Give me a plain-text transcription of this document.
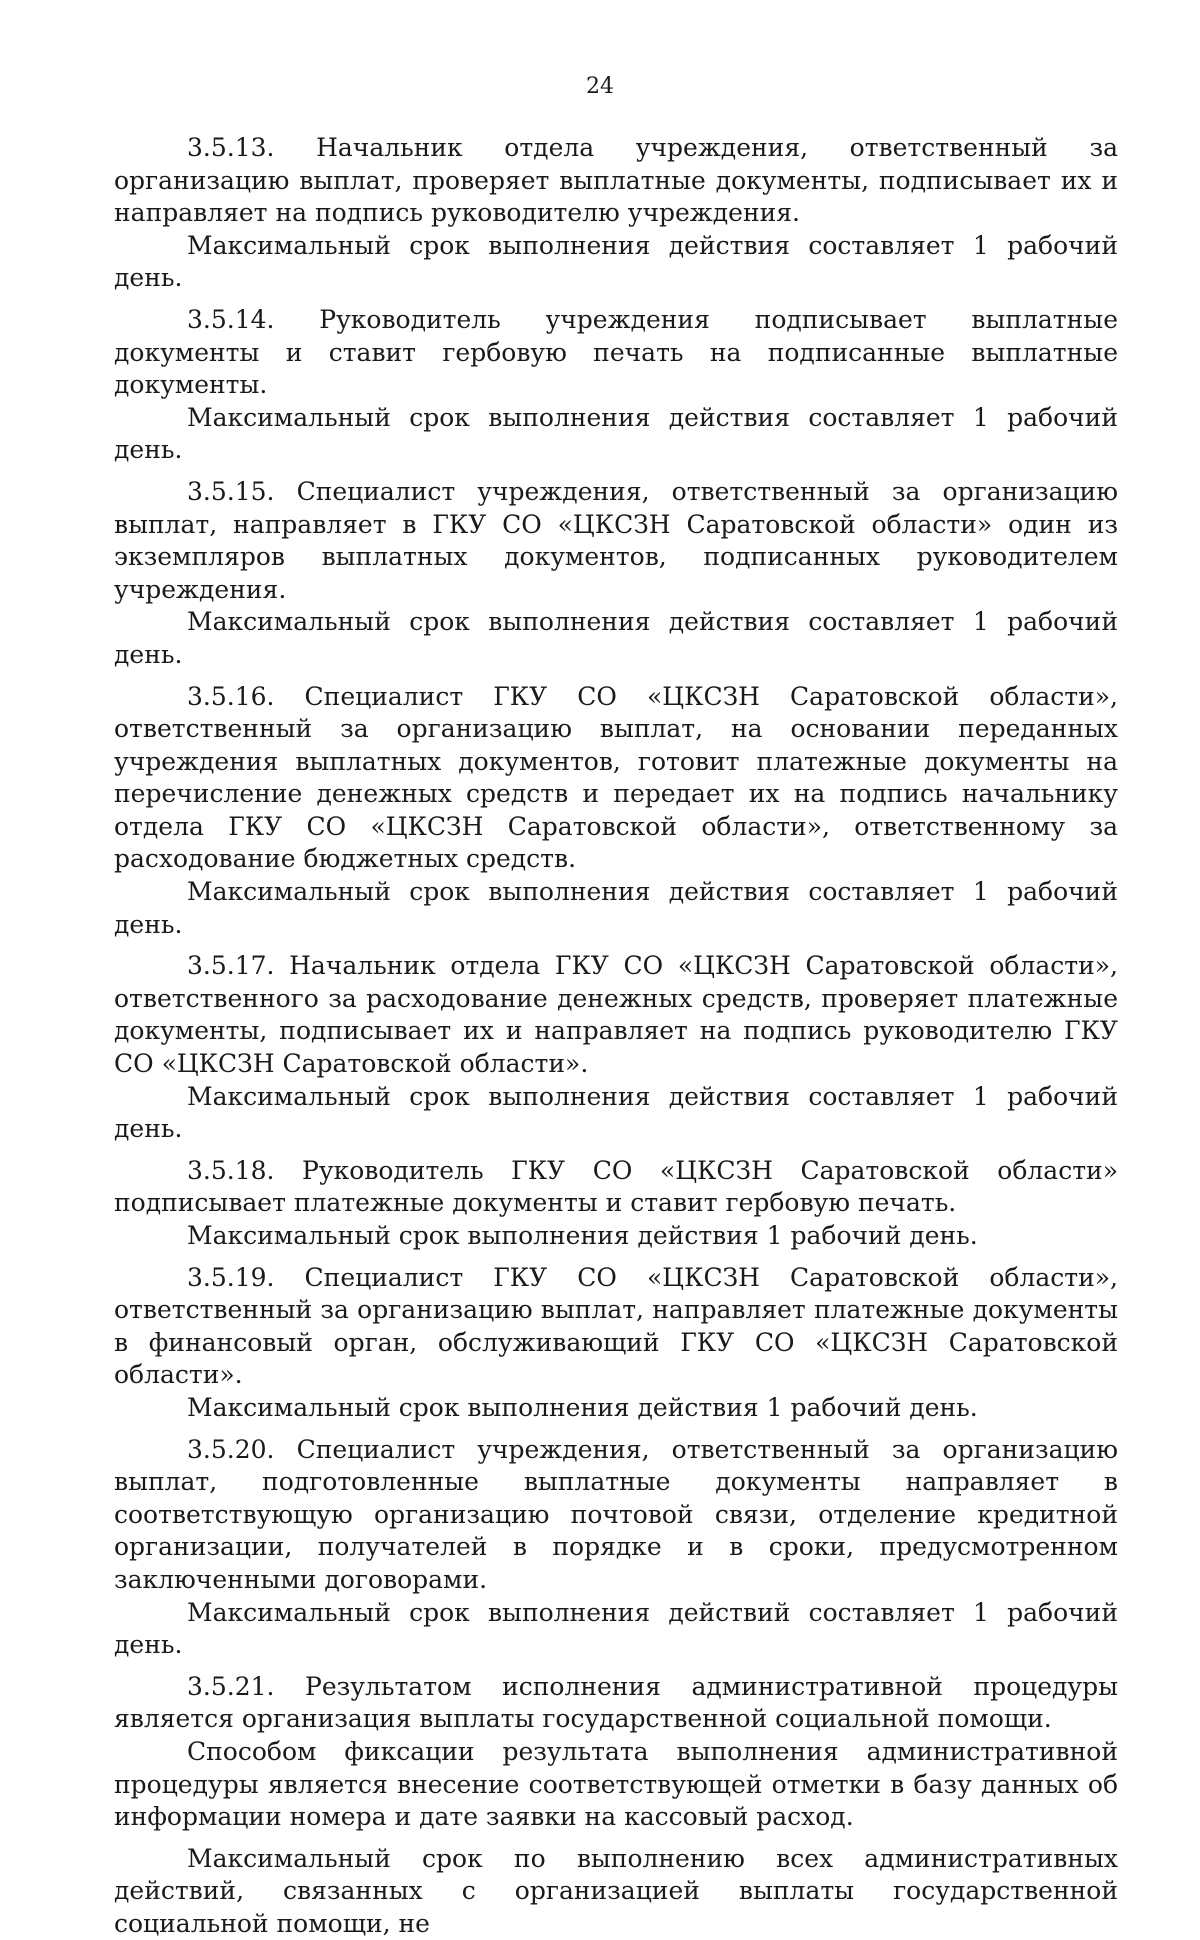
24

3.5.13. Начальник отдела учреждения, ответственный за организацию выплат, проверяет выплатные документы, подписывает их и направляет на подпись руководителю учреждения.

Максимальный срок выполнения действия составляет 1 рабочий день.

3.5.14. Руководитель учреждения подписывает выплатные документы и ставит гербовую печать на подписанные выплатные документы.

Максимальный срок выполнения действия составляет 1 рабочий день.

3.5.15. Специалист учреждения, ответственный за организацию выплат, направляет в ГКУ СО «ЦКСЗН Саратовской области» один из экземпляров выплатных документов, подписанных руководителем учреждения.

Максимальный срок выполнения действия составляет 1 рабочий день.

3.5.16. Специалист ГКУ СО «ЦКСЗН Саратовской области», ответственный за организацию выплат, на основании переданных учреждения выплатных документов, готовит платежные документы на перечисление денежных средств и передает их на подпись начальнику отдела ГКУ СО «ЦКСЗН Саратовской области», ответственному за расходование бюджетных средств.

Максимальный срок выполнения действия составляет 1 рабочий день.

3.5.17. Начальник отдела ГКУ СО «ЦКСЗН Саратовской области», ответственного за расходование денежных средств, проверяет платежные документы, подписывает их и направляет на подпись руководителю ГКУ СО «ЦКСЗН Саратовской области».

Максимальный срок выполнения действия составляет 1 рабочий день.

3.5.18. Руководитель ГКУ СО «ЦКСЗН Саратовской области» подписывает платежные документы и ставит гербовую печать.

Максимальный срок выполнения действия 1 рабочий день.

3.5.19. Специалист ГКУ СО «ЦКСЗН Саратовской области», ответственный за организацию выплат, направляет платежные документы в финансовый орган, обслуживающий ГКУ СО «ЦКСЗН Саратовской области».

Максимальный срок выполнения действия 1 рабочий день.

3.5.20. Специалист учреждения, ответственный за организацию выплат, подготовленные выплатные документы направляет в соответствующую организацию почтовой связи, отделение кредитной организации, получателей в порядке и в сроки, предусмотренном заключенными договорами.

Максимальный срок выполнения действий составляет 1 рабочий день.

3.5.21. Результатом исполнения административной процедуры является организация выплаты государственной социальной помощи.

Способом фиксации результата выполнения административной процедуры является внесение соответствующей отметки в базу данных об информации номера и дате заявки на кассовый расход.

Максимальный срок по выполнению всех административных действий, связанных с организацией выплаты государственной социальной помощи, не
